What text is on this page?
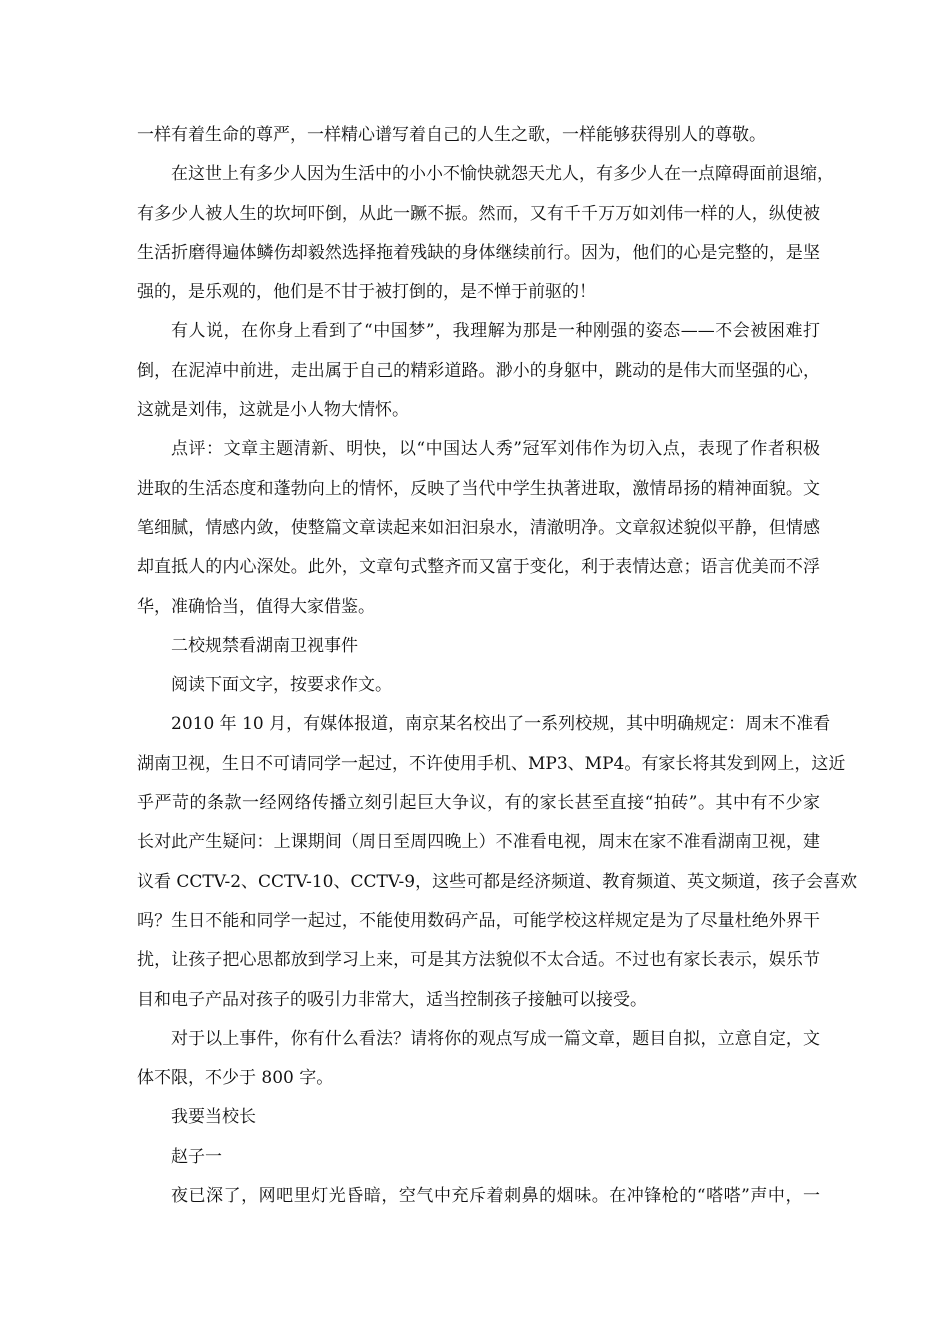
一样有着生命的尊严，一样精心谱写着自己的人生之歌，一样能够获得别人的尊敬。
在这世上有多少人因为生活中的小小不愉快就怨天尤人，有多少人在一点障碍面前退缩，
有多少人被人生的坎坷吓倒，从此一蹶不振。然而，又有千千万万如刘伟一样的人，纵使被
生活折磨得遍体鳞伤却毅然选择拖着残缺的身体继续前行。因为，他们的心是完整的，是坚
强的，是乐观的，他们是不甘于被打倒的，是不惮于前驱的！
有人说，在你身上看到了“中国梦”，我理解为那是一种刚强的姿态——不会被困难打
倒，在泥淖中前进，走出属于自己的精彩道路。渺小的身躯中，跳动的是伟大而坚强的心，
这就是刘伟，这就是小人物大情怀。
点评：文章主题清新、明快，以“中国达人秀”冠军刘伟作为切入点，表现了作者积极
进取的生活态度和蓬勃向上的情怀，反映了当代中学生执著进取，激情昂扬的精神面貌。文
笔细腻，情感内敛，使整篇文章读起来如汩汩泉水，清澈明净。文章叙述貌似平静，但情感
却直抵人的内心深处。此外，文章句式整齐而又富于变化，利于表情达意；语言优美而不浮
华，准确恰当，值得大家借鉴。
二校规禁看湖南卫视事件
阅读下面文字，按要求作文。
2010 年 10 月，有媒体报道，南京某名校出了一系列校规，其中明确规定：周末不准看
湖南卫视，生日不可请同学一起过，不许使用手机、MP3、MP4。有家长将其发到网上，这近
乎严苛的条款一经网络传播立刻引起巨大争议，有的家长甚至直接“拍砖”。其中有不少家
长对此产生疑问：上课期间（周日至周四晚上）不准看电视，周末在家不准看湖南卫视，建
议看 CCTV-2、CCTV-10、CCTV-9，这些可都是经济频道、教育频道、英文频道，孩子会喜欢
吗？生日不能和同学一起过，不能使用数码产品，可能学校这样规定是为了尽量杜绝外界干
扰，让孩子把心思都放到学习上来，可是其方法貌似不太合适。不过也有家长表示，娱乐节
目和电子产品对孩子的吸引力非常大，适当控制孩子接触可以接受。
对于以上事件，你有什么看法？请将你的观点写成一篇文章，题目自拟，立意自定，文
体不限，不少于 800 字。
我要当校长
赵子一
夜已深了，网吧里灯光昏暗，空气中充斥着刺鼻的烟味。在冲锋枪的“嗒嗒”声中，一
